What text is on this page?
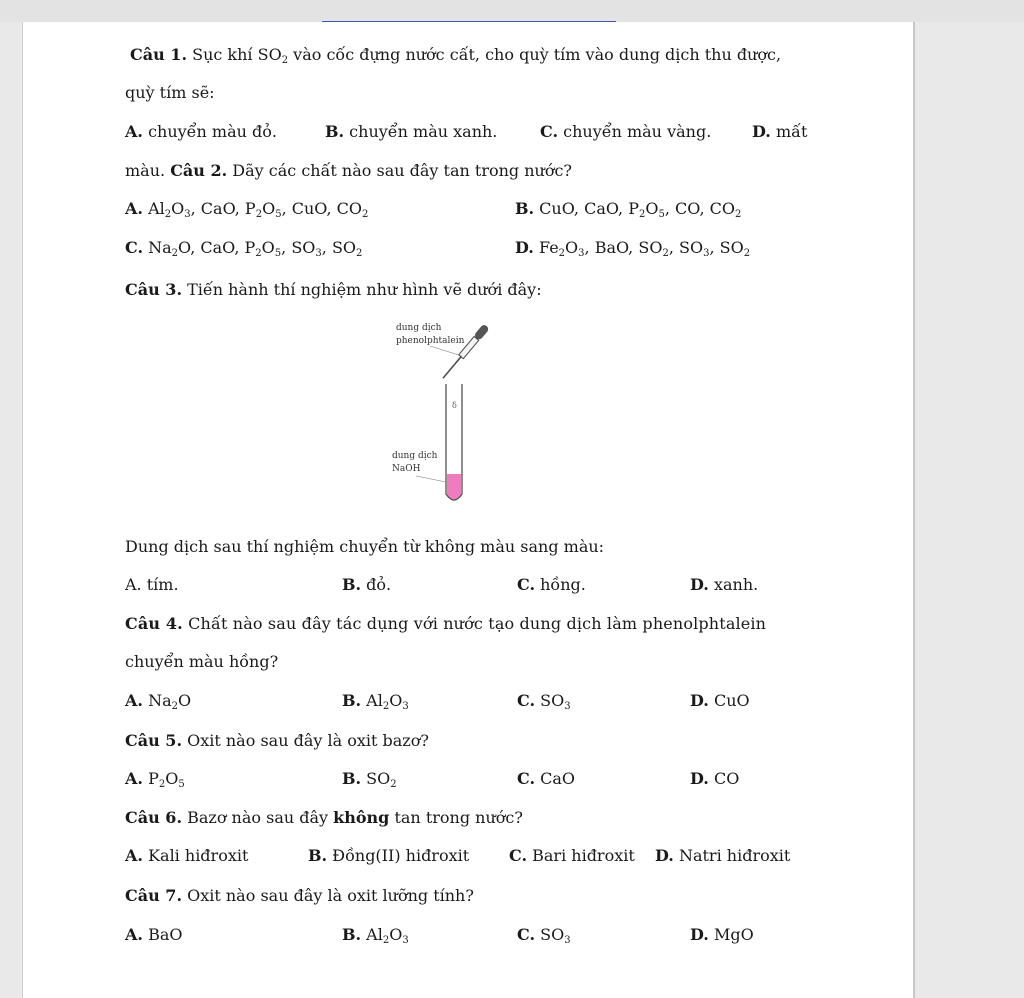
Câu 1. Sục khí $SO_2$ vào cốc đựng nước cất, cho quỳ tím vào dung dịch thu được,
quỳ tím sẽ:
A. chuyển màu đỏ.	B. chuyển màu xanh.	C. chuyển màu vàng.	D. mất
màu. Câu 2. Dãy các chất nào sau đây tan trong nước?
A. $Al_2O_3$, CaO, $P_2O_5$, CuO, $CO_2$	B. CuO, CaO, $P_2O_5$, CO, $CO_2$
C. $Na_2O$, CaO, $P_2O_5$, $SO_3$, $SO_2$	D. $Fe_2O_3$, BaO, $SO_2$, $SO_3$, $SO_2$
Câu 3. Tiến hành thí nghiệm như hình vẽ dưới đây:
dung dịch
phenolphtalein
δ
dung dịch
NaOH
Dung dịch sau thí nghiệm chuyển từ không màu sang màu:
A. tím.	B. đỏ.	C. hồng.	D. xanh.
Câu 4. Chất nào sau đây tác dụng với nước tạo dung dịch làm phenolphtalein
chuyển màu hồng?
A. $Na_2O$	B. $Al_2O_3$	C. $SO_3$	D. CuO
Câu 5. Oxit nào sau đây là oxit bazơ?
A. $P_2O_5$	B. $SO_2$	C. CaO	D. CO
Câu 6. Bazơ nào sau đây không tan trong nước?
A. Kali hiđroxit	B. Đồng(II) hiđroxit C. Bari hiđroxit D. Natri hiđroxit
Câu 7. Oxit nào sau đây là oxit lưỡng tính?
A. BaO	B. $Al_2O_3$	C. $SO_3$	D. MgO
